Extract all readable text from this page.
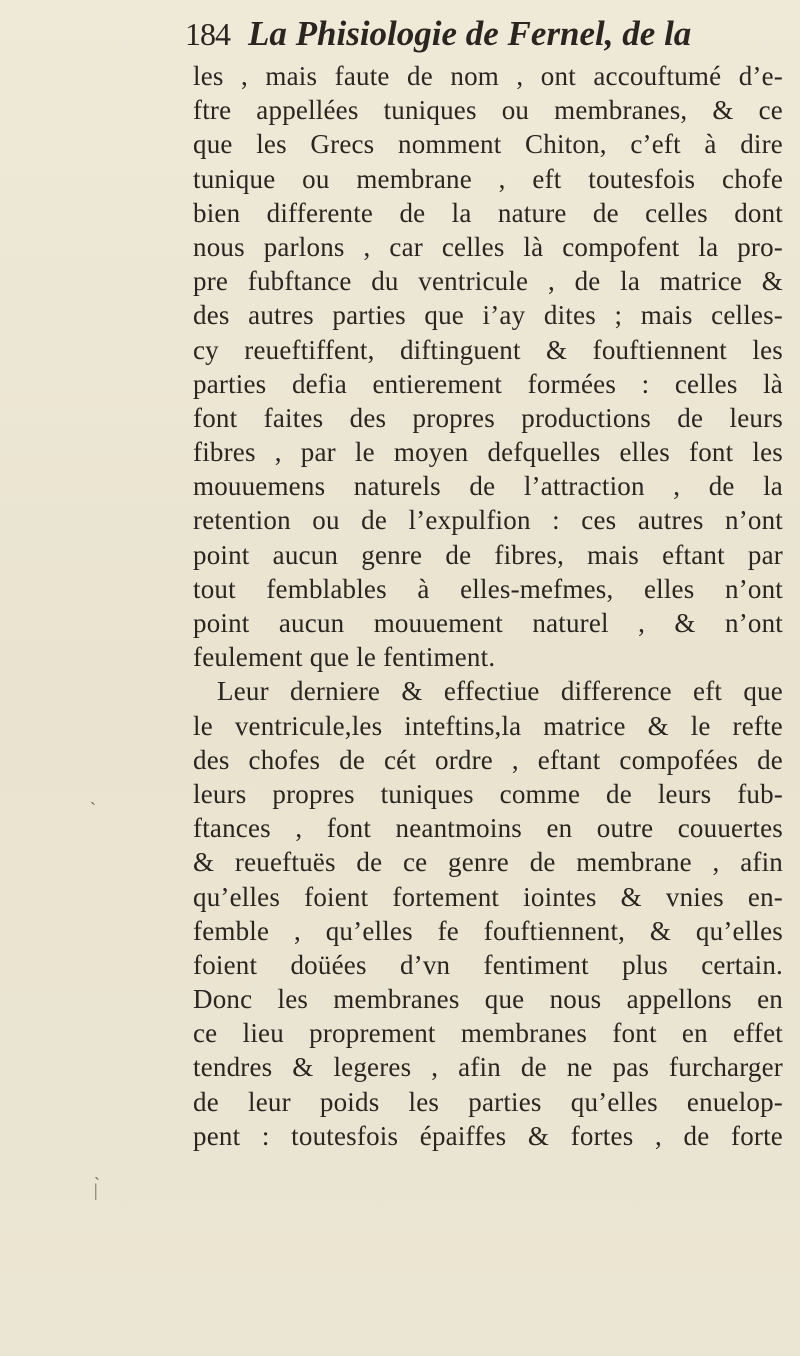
184 La Phisiologie de Fernel, de la
les , mais faute de nom , ont accouftumé d’e-
ftre appellées tuniques ou membranes, & ce
que les Grecs nomment Chiton, c’eft à dire
tunique ou membrane , eft toutesfois chofe
bien differente de la nature de celles dont
nous parlons , car celles là compofent la pro-
pre fubftance du ventricule , de la matrice &
des autres parties que i’ay dites ; mais celles-
cy reueftiffent, diftinguent & fouftiennent les
parties defia entierement formées : celles là
font faites des propres productions de leurs
fibres , par le moyen defquelles elles font les
mouuemens naturels de l’attraction , de la
retention ou de l’expulfion : ces autres n’ont
point aucun genre de fibres, mais eftant par
tout femblables à elles-mefmes, elles n’ont
point aucun mouuement naturel , & n’ont
feulement que le fentiment.
Leur derniere & effectiue difference eft que
le ventricule,les inteftins,la matrice & le refte
des chofes de cét ordre , eftant compofées de
leurs propres tuniques comme de leurs fub-
ftances , font neantmoins en outre couuertes
& reueftuës de ce genre de membrane , afin
qu’elles foient fortement iointes & vnies en-
femble , qu’elles fe fouftiennent, & qu’elles
foient doüées d’vn fentiment plus certain.
Donc les membranes que nous appellons en
ce lieu proprement membranes font en effet
tendres & legeres , afin de ne pas furcharger
de leur poids les parties qu’elles enuelop-
pent : toutesfois épaiffes & fortes , de forte
ˎ
ˎ
|
